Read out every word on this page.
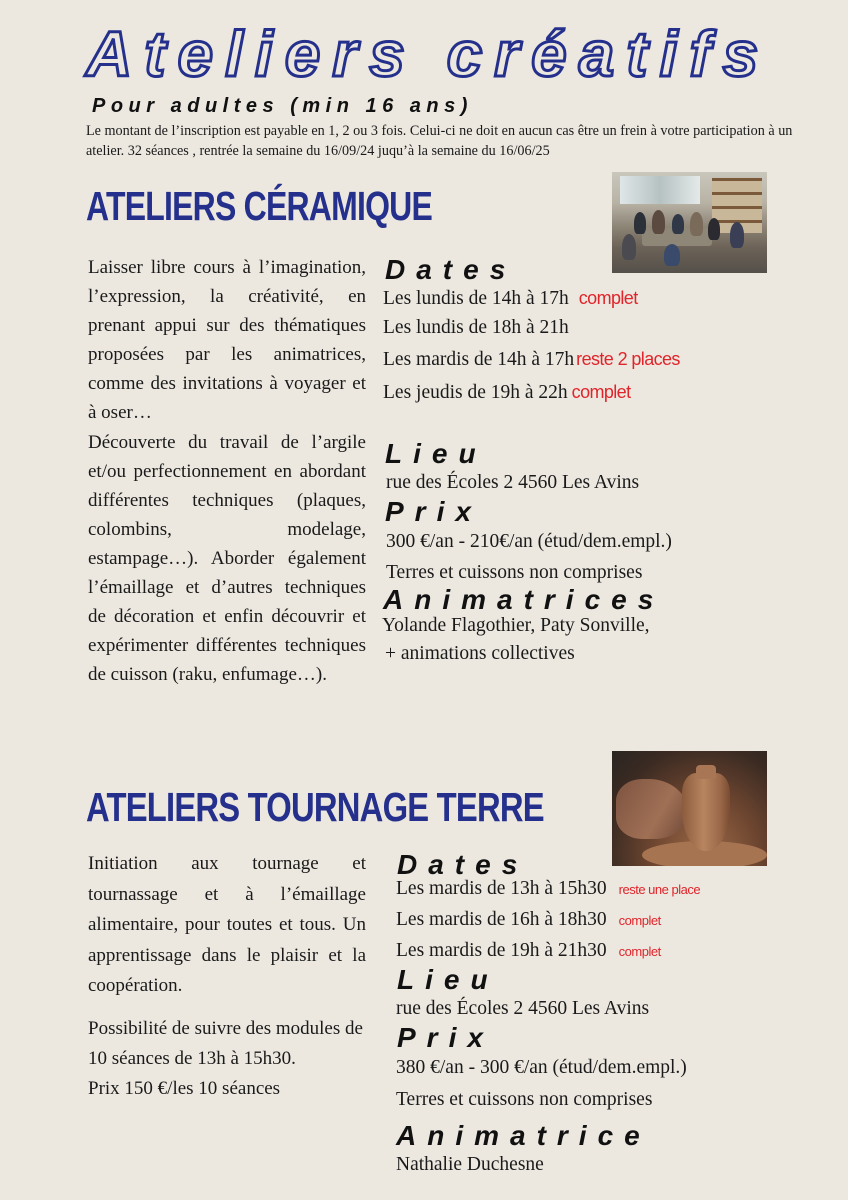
Ateliers créatifs
Pour adultes (min 16 ans)
Le montant de l’inscription est payable en 1, 2 ou 3 fois. Celui-ci ne doit en aucun cas être un frein à votre participation à un atelier. 32 séances , rentrée la semaine du 16/09/24 juqu’à la semaine du 16/06/25
ATELIERS CÉRAMIQUE
Laisser libre cours à l’imagination, l’expression, la créativité, en prenant appui sur des thématiques proposées par les animatrices, comme des invitations à voyager et à oser…
Découverte du travail de l’argile et/ou perfectionnement en abordant différentes techniques (plaques, colombins, modelage, estampage…). Aborder également l’émaillage et d’autres techniques de décoration et enfin découvrir et expérimenter différentes techniques de cuisson (raku, enfumage…).
Dates
Les lundis de 14h à 17h complet
Les lundis de 18h à 21h
Les mardis de 14h à 17h reste 2 places
Les jeudis de 19h à 22h complet
Lieu
rue des Écoles 2 4560 Les Avins
Prix
300 €/an - 210€/an (étud/dem.empl.)
Terres et cuissons non comprises
Animatrices
Yolande Flagothier, Paty Sonville,
+ animations collectives
ATELIERS TOURNAGE TERRE
Initiation aux tournage et tournassage et à l’émaillage alimentaire, pour toutes et tous. Un apprentissage dans le plaisir et la coopération.
Possibilité de suivre des modules de 10 séances de 13h à 15h30.
Prix 150 €/les 10 séances
Dates
Les mardis de 13h à 15h30 reste une place
Les mardis de 16h à 18h30 complet
Les mardis de 19h à 21h30 complet
Lieu
rue des Écoles 2 4560 Les Avins
Prix
380 €/an - 300 €/an (étud/dem.empl.)
Terres et cuissons non comprises
Animatrice
Nathalie Duchesne
